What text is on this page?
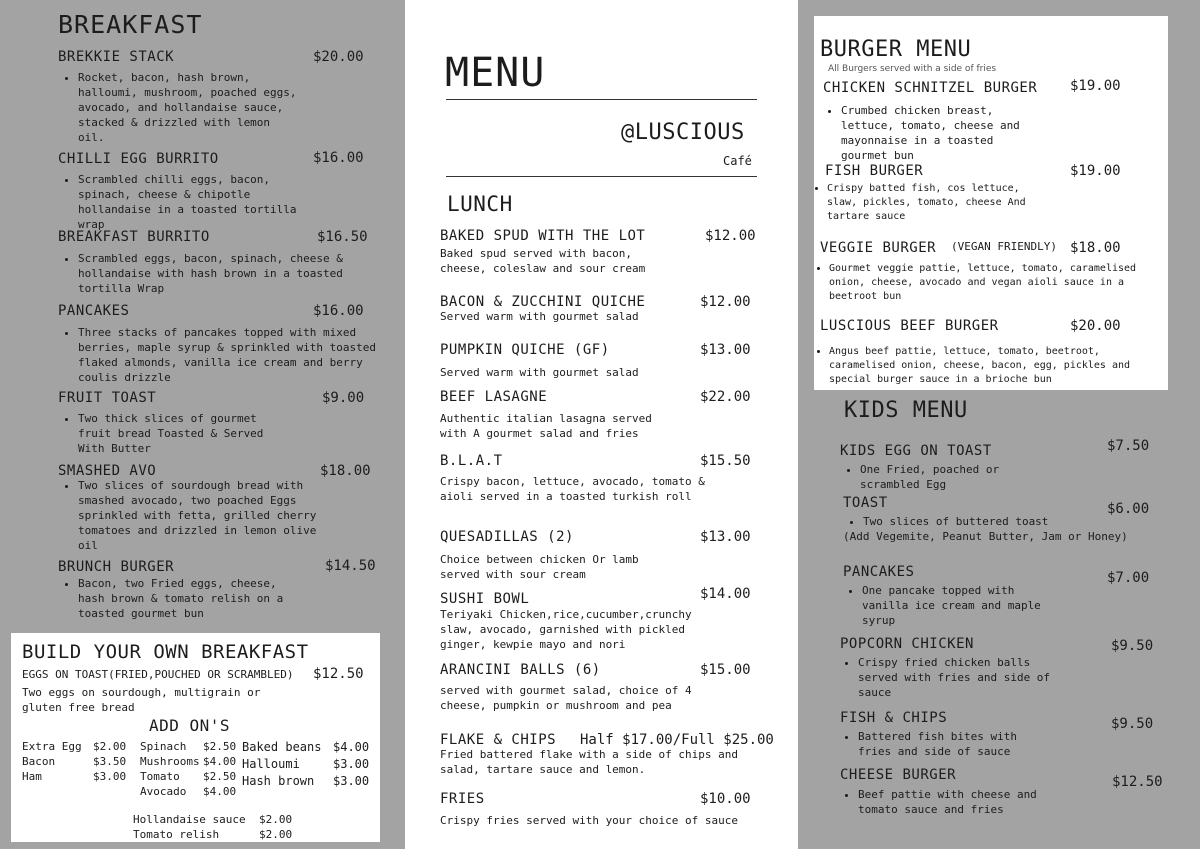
BREAKFAST
BREKKIE STACK	$20.00
• Rocket, bacon, hash brown, halloumi, mushroom, poached eggs, avocado, and hollandaise sauce, stacked & drizzled with lemon oil.
CHILLI EGG BURRITO	$16.00
• Scrambled chilli eggs, bacon, spinach, cheese & chipotle hollandaise in a toasted tortilla wrap
BREAKFAST BURRITO	$16.50
• Scrambled eggs, bacon, spinach, cheese & hollandaise with hash brown in a toasted tortilla Wrap
PANCAKES	$16.00
• Three stacks of pancakes topped with mixed berries, maple syrup & sprinkled with toasted flaked almonds, vanilla ice cream and berry coulis drizzle
FRUIT TOAST	$9.00
• Two thick slices of gourmet fruit bread Toasted & Served With Butter
SMASHED AVO	$18.00
• Two slices of sourdough bread with smashed avocado, two poached Eggs sprinkled with fetta, grilled cherry tomatoes and drizzled in lemon olive oil
BRUNCH BURGER	$14.50
• Bacon, two Fried eggs, cheese, hash brown & tomato relish on a toasted gourmet bun
BUILD YOUR OWN BREAKFAST
EGGS ON TOAST(FRIED,POUCHED OR SCRAMBLED) $12.50
Two eggs on sourdough, multigrain or gluten free bread
ADD ON'S
Extra Egg $2.00
Bacon	$3.50
Ham	$3.00
Spinach $2.50
Mushrooms $4.00
Tomato $2.50
Avocado $4.00
Baked beans $4.00
Halloumi	$3.00
Hash brown $3.00
Hollandaise sauce $2.00
Tomato relish	$2.00
MENU
@LUSCIOUS
Café
LUNCH
BAKED SPUD WITH THE LOT	$12.00
Baked spud served with bacon, cheese, coleslaw and sour cream
BACON & ZUCCHINI QUICHE	$12.00
Served warm with gourmet salad
PUMPKIN QUICHE (GF)	$13.00
Served warm with gourmet salad
BEEF LASAGNE	$22.00
Authentic italian lasagna served with A gourmet salad and fries
B.L.A.T	$15.50
Crispy bacon, lettuce, avocado, tomato & aioli served in a toasted turkish roll
QUESADILLAS (2)	$13.00
Choice between chicken Or lamb served with sour cream
SUSHI BOWL	$14.00
Teriyaki Chicken,rice,cucumber,crunchy slaw, avocado, garnished with pickled ginger, kewpie mayo and nori
ARANCINI BALLS (6)	$15.00
served with gourmet salad, choice of 4 cheese, pumpkin or mushroom and pea
FLAKE & CHIPS Half $17.00/Full $25.00
Fried battered flake with a side of chips and salad, tartare sauce and lemon.
FRIES	$10.00
Crispy fries served with your choice of sauce
BURGER MENU
All Burgers served with a side of fries
CHICKEN SCHNITZEL BURGER $19.00
• Crumbed chicken breast, lettuce, tomato, cheese and mayonnaise in a toasted gourmet bun
FISH BURGER	$19.00
• Crispy batted fish, cos lettuce, slaw, pickles, tomato, cheese And tartare sauce
VEGGIE BURGER (VEGAN FRIENDLY) $18.00
• Gourmet veggie pattie, lettuce, tomato, caramelised onion, cheese, avocado and vegan aioli sauce in a beetroot bun
LUSCIOUS BEEF BURGER	$20.00
• Angus beef pattie, lettuce, tomato, beetroot, caramelised onion, cheese, bacon, egg, pickles and special burger sauce in a brioche bun
KIDS MENU
KIDS EGG ON TOAST	$7.50
• One Fried, poached or scrambled Egg
TOAST	$6.00
• Two slices of buttered toast
(Add Vegemite, Peanut Butter, Jam or Honey)
PANCAKES	$7.00
• One pancake topped with vanilla ice cream and maple syrup
POPCORN CHICKEN	$9.50
• Crispy fried chicken balls served with fries and side of sauce
FISH & CHIPS	$9.50
• Battered fish bites with fries and side of sauce
CHEESE BURGER	$12.50
• Beef pattie with cheese and tomato sauce and fries
